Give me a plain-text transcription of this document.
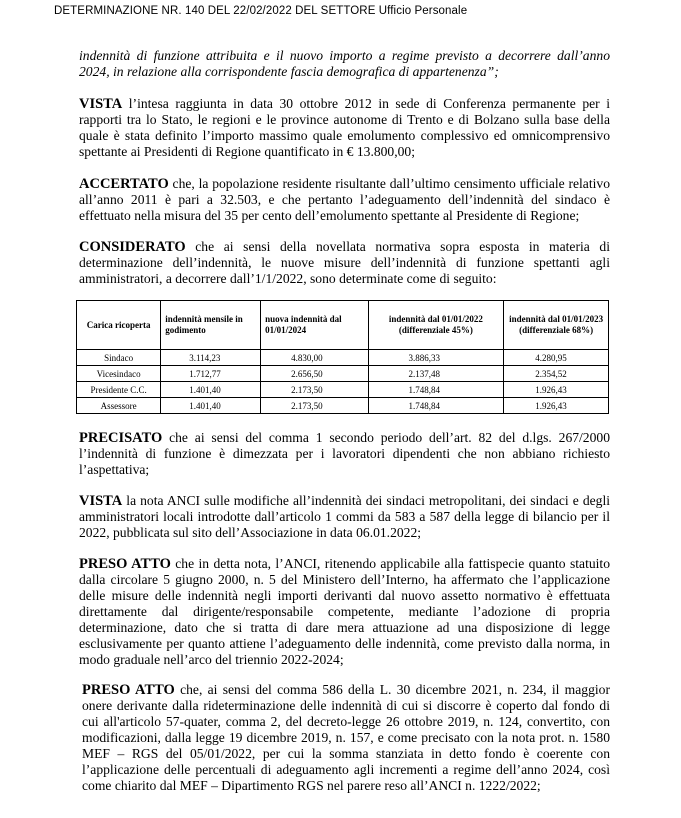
DETERMINAZIONE NR. 140 DEL 22/02/2022 DEL SETTORE Ufficio Personale
indennità di funzione attribuita e il nuovo importo a regime previsto a decorrere dall’anno
2024, in relazione alla corrispondente fascia demografica di appartenenza”;
VISTA l’intesa raggiunta in data 30 ottobre 2012 in sede di Conferenza permanente per i
rapporti tra lo Stato, le regioni e le province autonome di Trento e di Bolzano sulla base della
quale è stata definito l’importo massimo quale emolumento complessivo ed omnicomprensivo
spettante ai Presidenti di Regione quantificato in € 13.800,00;
ACCERTATO che, la popolazione residente risultante dall’ultimo censimento ufficiale relativo
all’anno 2011 è pari a 32.503, e che pertanto l’adeguamento dell’indennità del sindaco è
effettuato nella misura del 35 per cento dell’emolumento spettante al Presidente di Regione;
CONSIDERATO che ai sensi della novellata normativa sopra esposta in materia di
determinazione dell’indennità, le nuove misure dell’indennità di funzione spettanti agli
amministratori, a decorrere dall’1/1/2022, sono determinate come di seguito:
Carica ricoperta	indennità mensile in godimento	nuova indennità dal 01/01/2024	indennità dal 01/01/2022 (differenziale 45%)	indennità dal 01/01/2023 (differenziale 68%)
Sindaco	3.114,23	4.830,00	3.886,33	4.280,95
Vicesindaco	1.712,77	2.656,50	2.137,48	2.354,52
Presidente C.C.	1.401,40	2.173,50	1.748,84	1.926,43
Assessore	1.401,40	2.173,50	1.748,84	1.926,43
PRECISATO che ai sensi del comma 1 secondo periodo dell’art. 82 del d.lgs. 267/2000
l’indennità di funzione è dimezzata per i lavoratori dipendenti che non abbiano richiesto
l’aspettativa;
VISTA la nota ANCI sulle modifiche all’indennità dei sindaci metropolitani, dei sindaci e degli
amministratori locali introdotte dall’articolo 1 commi da 583 a 587 della legge di bilancio per il
2022, pubblicata sul sito dell’Associazione in data 06.01.2022;
PRESO ATTO che in detta nota, l’ANCI, ritenendo applicabile alla fattispecie quanto statuito
dalla circolare 5 giugno 2000, n. 5 del Ministero dell’Interno, ha affermato che l’applicazione
delle misure delle indennità negli importi derivanti dal nuovo assetto normativo è effettuata
direttamente dal dirigente/responsabile competente, mediante l’adozione di propria
determinazione, dato che si tratta di dare mera attuazione ad una disposizione di legge
esclusivamente per quanto attiene l’adeguamento delle indennità, come previsto dalla norma, in
modo graduale nell’arco del triennio 2022-2024;
PRESO ATTO che, ai sensi del comma 586 della L. 30 dicembre 2021, n. 234, il maggior
onere derivante dalla rideterminazione delle indennità di cui si discorre è coperto dal fondo di
cui all'articolo 57-quater, comma 2, del decreto-legge 26 ottobre 2019, n. 124, convertito, con
modificazioni, dalla legge 19 dicembre 2019, n. 157, e come precisato con la nota prot. n. 1580
MEF – RGS del 05/01/2022, per cui la somma stanziata in detto fondo è coerente con
l’applicazione delle percentuali di adeguamento agli incrementi a regime dell’anno 2024, così
come chiarito dal MEF – Dipartimento RGS nel parere reso all’ANCI n. 1222/2022;
